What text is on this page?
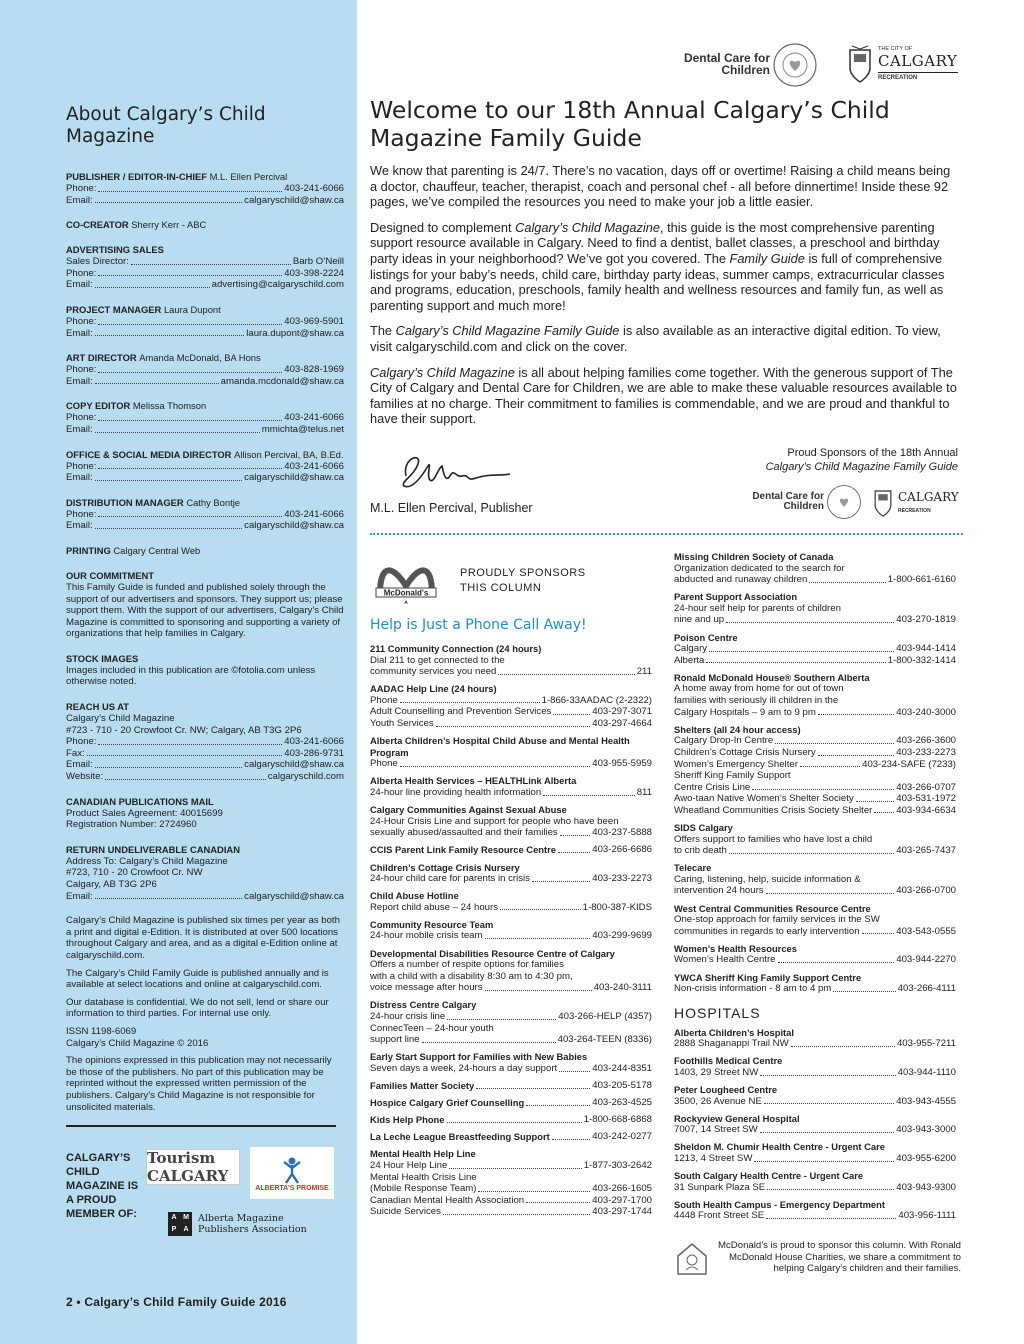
About Calgary’s Child Magazine
PUBLISHER / EDITOR-IN-CHIEF M.L. Ellen Percival
Phone:	403-241-6066
Email:	calgaryschild@shaw.ca
CO-CREATOR Sherry Kerr - ABC
ADVERTISING SALES
Sales Director:	Barb O’Neill
Phone:	403-398-2224
Email:	advertising@calgaryschild.com
PROJECT MANAGER Laura Dupont
Phone:	403-969-5901
Email:	laura.dupont@shaw.ca
ART DIRECTOR Amanda McDonald, BA Hons
Phone:	403-828-1969
Email:	amanda.mcdonald@shaw.ca
COPY EDITOR Melissa Thomson
Phone:	403-241-6066
Email:	mmichta@telus.net
OFFICE & SOCIAL MEDIA DIRECTOR Allison Percival, BA, B.Ed.
Phone:	403-241-6066
Email:	calgaryschild@shaw.ca
DISTRIBUTION MANAGER Cathy Bontje
Phone:	403-241-6066
Email:	calgaryschild@shaw.ca
PRINTING Calgary Central Web
OUR COMMITMENT
This Family Guide is funded and published solely through the support of our advertisers and sponsors. They support us; please support them. With the support of our advertisers, Calgary’s Child Magazine is committed to sponsoring and supporting a variety of organizations that help families in Calgary.
STOCK IMAGES
Images included in this publication are ©fotolia.com unless otherwise noted.
REACH US AT
Calgary’s Child Magazine
#723 - 710 - 20 Crowfoot Cr. NW; Calgary, AB T3G 2P6
Phone:	403-241-6066
Fax:	403-286-9731
Email:	calgaryschild@shaw.ca
Website:	calgaryschild.com
CANADIAN PUBLICATIONS MAIL
Product Sales Agreement: 40015699
Registration Number: 2724960
RETURN UNDELIVERABLE CANADIAN
Address To: Calgary’s Child Magazine
#723, 710 - 20 Crowfoot Cr. NW
Calgary, AB T3G 2P6
Email:	calgaryschild@shaw.ca
Calgary’s Child Magazine is published six times per year as both a print and digital e-Edition. It is distributed at over 500 locations throughout Calgary and area, and as a digital e-Edition online at calgaryschild.com.
The Calgary’s Child Family Guide is published annually and is available at select locations and online at calgaryschild.com.
Our database is confidential. We do not sell, lend or share our information to third parties. For internal use only.
ISSN 1198-6069
Calgary’s Child Magazine © 2016
The opinions expressed in this publication may not necessarily be those of the publishers. No part of this publication may be reprinted without the expressed written permission of the publishers. Calgary’s Child Magazine is not responsible for unsolicited materials.
CALGARY’S CHILD MAGAZINE IS A PROUD MEMBER OF:
Tourism CALGARY
ALBERTA’S PROMISE
A M
P	A
Alberta Magazine Publishers Association
2 • Calgary’s Child Family Guide 2016
Dental Care for Children
THE CITY OF
CALGARY
RECREATION
Welcome to our 18th Annual Calgary’s Child Magazine Family Guide

We know that parenting is 24/7. There’s no vacation, days off or overtime! Raising a child means being a doctor, chauffeur, teacher, therapist, coach and personal chef - all before dinnertime! Inside these 92 pages, we’ve compiled the resources you need to make your job a little easier.

Designed to complement Calgary’s Child Magazine, this guide is the most comprehensive parenting support resource available in Calgary. Need to find a dentist, ballet classes, a preschool and birthday party ideas in your neighborhood? We’ve got you covered. The Family Guide is full of comprehensive listings for your baby’s needs, child care, birthday party ideas, summer camps, extracurricular classes and programs, education, preschools, family health and wellness resources and family fun, as well as parenting support and much more!

The Calgary’s Child Magazine Family Guide is also available as an interactive digital edition. To view, visit calgaryschild.com and click on the cover.

Calgary’s Child Magazine is all about helping families come together. With the generous support of The City of Calgary and Dental Care for Children, we are able to make these valuable resources available to families at no charge. Their commitment to families is commendable, and we are proud and thankful to have their support.

Proud Sponsors of the 18th Annual
Calgary’s Child Magazine Family Guide
M.L. Ellen Percival, Publisher
Dental Care for Children
CALGARY
RECREATION
McDonald's
PROUDLY SPONSORS THIS COLUMN
Help is Just a Phone Call Away!
211 Community Connection (24 hours)
Dial 211 to get connected to the
community services you need	211
AADAC Help Line (24 hours)
Phone	1-866-33AADAC (2-2322)
Adult Counselling and Prevention Services	403-297-3071
Youth Services	403-297-4664
Alberta Children’s Hospital Child Abuse and Mental Health Program
Phone	403-955-5959
Alberta Health Services – HEALTHLink Alberta
24-hour line providing health information	811
Calgary Communities Against Sexual Abuse
24-Hour Crisis Line and support for people who have been
sexually abused/assaulted and their families	403-237-5888
CCIS Parent Link Family Resource Centre	403-266-6686
Children’s Cottage Crisis Nursery
24-hour child care for parents in crisis	403-233-2273
Child Abuse Hotline
Report child abuse – 24 hours	1-800-387-KIDS
Community Resource Team
24-hour mobile crisis team	403-299-9699
Developmental Disabilities Resource Centre of Calgary
Offers a number of respite options for families
with a child with a disability 8:30 am to 4:30 pm,
voice message after hours	403-240-3111
Distress Centre Calgary
24-hour crisis line	403-266-HELP (4357)
ConnecTeen – 24-hour youth
support line	403-264-TEEN (8336)
Early Start Support for Families with New Babies
Seven days a week, 24-hours a day support	403-244-8351
Families Matter Society	403-205-5178
Hospice Calgary Grief Counselling	403-263-4525
Kids Help Phone	1-800-668-6868
La Leche League Breastfeeding Support	403-242-0277
Mental Health Help Line
24 Hour Help Line	1-877-303-2642
Mental Health Crisis Line
(Mobile Response Team)	403-266-1605
Canadian Mental Health Association	403-297-1700
Suicide Services	403-297-1744
Missing Children Society of Canada
Organization dedicated to the search for
abducted and runaway children	1-800-661-6160
Parent Support Association
24-hour self help for parents of children
nine and up	403-270-1819
Poison Centre
Calgary	403-944-1414
Alberta	1-800-332-1414
Ronald McDonald House® Southern Alberta
A home away from home for out of town
families with seriously ill children in the
Calgary Hospitals – 9 am to 9 pm	403-240-3000
Shelters (all 24 hour access)
Calgary Drop-In Centre	403-266-3600
Children’s Cottage Crisis Nursery	403-233-2273
Women’s Emergency Shelter	403-234-SAFE (7233)
Sheriff King Family Support
Centre Crisis Line	403-266-0707
Awo-taan Native Women’s Shelter Society	403-531-1972
Wheatland Communities Crisis Society Shelter 403-934-6634
SIDS Calgary
Offers support to families who have lost a child
to crib death	403-265-7437
Telecare
Caring, listening, help, suicide information &
intervention 24 hours	403-266-0700
West Central Communities Resource Centre
One-stop approach for family services in the SW
communities in regards to early intervention	403-543-0555
Women’s Health Resources
Women’s Health Centre	403-944-2270
YWCA Sheriff King Family Support Centre
Non-crisis information - 8 am to 4 pm	403-266-4111
HOSPITALS
Alberta Children’s Hospital
2888 Shaganappi Trail NW	403-955-7211
Foothills Medical Centre
1403, 29 Street NW	403-944-1110
Peter Lougheed Centre
3500, 26 Avenue NE	403-943-4555
Rockyview General Hospital
7007, 14 Street SW	403-943-3000
Sheldon M. Chumir Health Centre - Urgent Care
1213, 4 Street SW	403-955-6200
South Calgary Health Centre - Urgent Care
31 Sunpark Plaza SE	403-943-9300
South Health Campus - Emergency Department
4448 Front Street SE	403-956-1111
McDonald’s is proud to sponsor this column. With Ronald McDonald House Charities, we share a commitment to helping Calgary’s children and their families.
